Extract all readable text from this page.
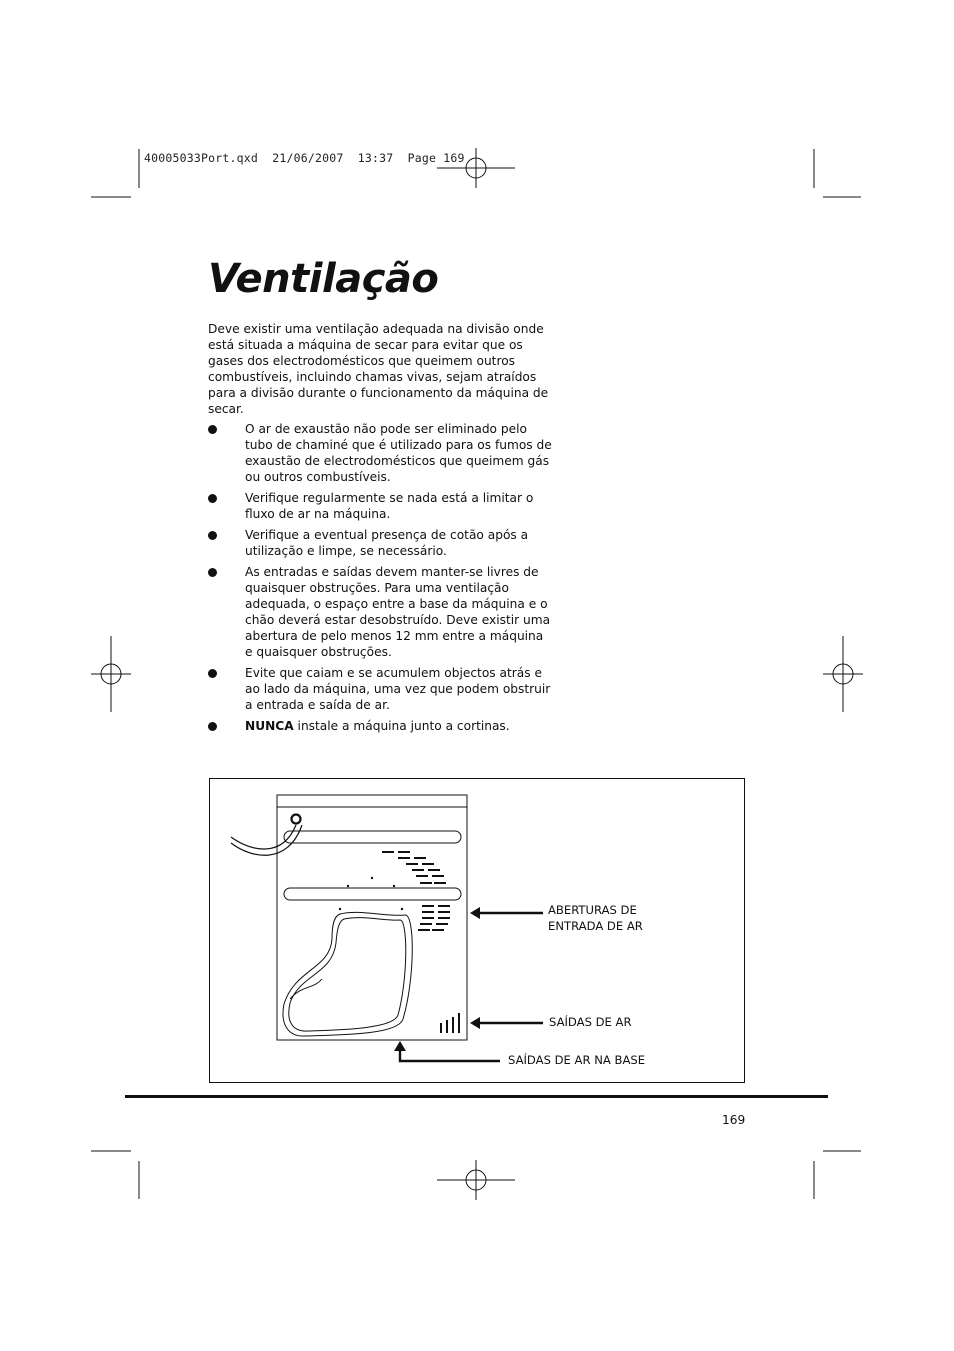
40005033Port.qxd  21/06/2007  13:37  Page 169
Ventilação

Deve existir uma ventilação adequada na divisão onde está situada a máquina de secar para evitar que os gases dos electrodomésticos que queimem outros combustíveis, incluindo chamas vivas, sejam atraídos para a divisão durante o funcionamento da máquina de secar.

O ar de exaustão não pode ser eliminado pelo tubo de chaminé que é utilizado para os fumos de exaustão de electrodomésticos que queimem gás ou outros combustíveis.
Verifique regularmente se nada está a limitar o fluxo de ar na máquina.
Verifique a eventual presença de cotão após a utilização e limpe, se necessário.
As entradas e saídas devem manter-se livres de quaisquer obstruções. Para uma ventilação adequada, o espaço entre a base da máquina e o chão deverá estar desobstruído. Deve existir uma abertura de pelo menos 12 mm entre a máquina e quaisquer obstruções.
Evite que caiam e se acumulem objectos atrás e ao lado da máquina, uma vez que podem obstruir a entrada e saída de ar.
NUNCA instale a máquina junto a cortinas.
ABERTURAS DE
ENTRADA DE AR
SAÍDAS DE AR
SAÍDAS DE AR NA BASE
169
